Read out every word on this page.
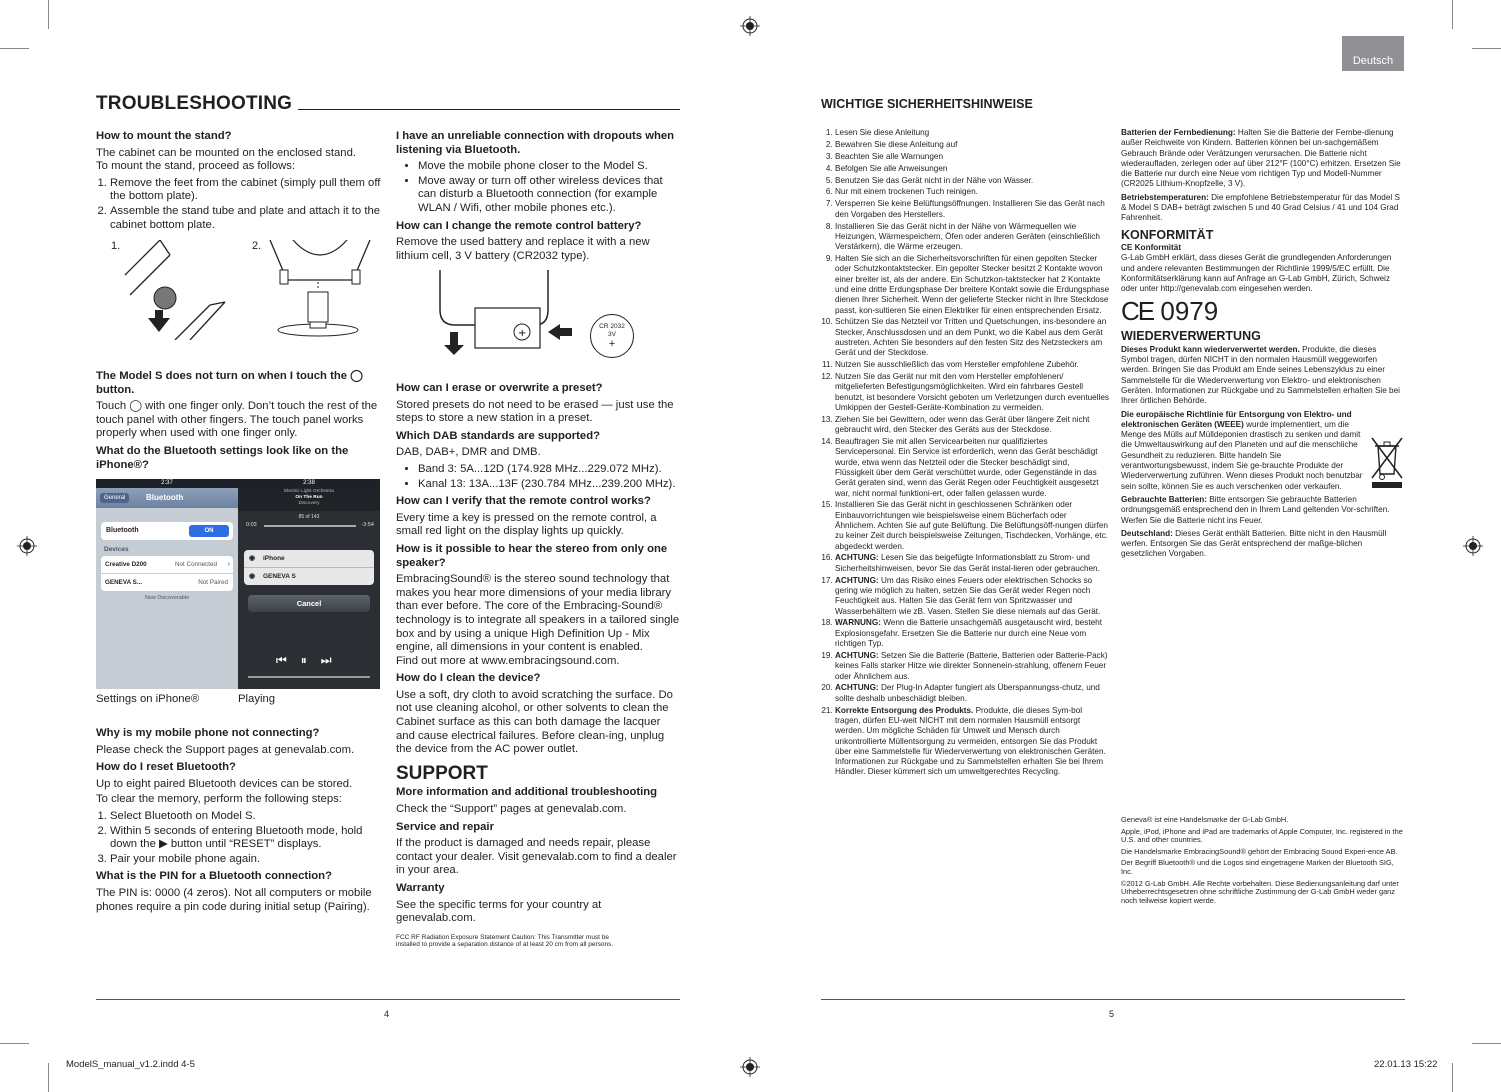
Deutsch
TROUBLESHOOTING

How to mount the stand?

The cabinet can be mounted on the enclosed stand.

To mount the stand, proceed as follows:

1. Remove the feet from the cabinet (simply pull them off the bottom plate).
2. Assemble the stand tube and plate and attach it to the cabinet bottom plate.
1.	2.

The Model S does not turn on when I touch the ◯ button.

Touch ◯ with one finger only. Don’t touch the rest of the touch panel with other fingers. The touch panel works properly when used with one finger only.

What do the Bluetooth settings look like on the iPhone®?

2:37
General	Bluetooth
Bluetooth	ON
Devices
Creative D200	Not Connected ›
GENEVA S...	Not Paired
Now Discoverable
2:38
Electric Light Orchestra
On The Run
Discovery
85 of 143
0:03	-3:54
◉ iPhone
◉ GENEVA S
Cancel
⏮⏸⏭
Settings on iPhone®	Playing

Why is my mobile phone not connecting?

Please check the Support pages at genevalab.com.

How do I reset Bluetooth?

Up to eight paired Bluetooth devices can be stored.

To clear the memory, perform the following steps:

1. Select Bluetooth on Model S.
2. Within 5 seconds of entering Bluetooth mode, hold down the ▶ button until “RESET” displays.
3. Pair your mobile phone again.

What is the PIN for a Bluetooth connection?

The PIN is: 0000 (4 zeros). Not all computers or mobile phones require a pin code during initial setup (Pairing).

I have an unreliable connection with dropouts when listening via Bluetooth.

• Move the mobile phone closer to the Model S.
• Move away or turn off other wireless devices that can disturb a Bluetooth connection (for example WLAN / Wifi, other mobile phones etc.).

How can I change the remote control battery?

Remove the used battery and replace it with a new lithium cell, 3 V battery (CR2032 type).

+
CR 2032
3V
+

How can I erase or overwrite a preset?

Stored presets do not need to be erased — just use the steps to store a new station in a preset.

Which DAB standards are supported?

DAB, DAB+, DMR and DMB.

• Band 3: 5A...12D (174.928 MHz...229.072 MHz).
• Kanal 13: 13A...13F (230.784 MHz...239.200 MHz).

How can I verify that the remote control works?

Every time a key is pressed on the remote control, a small red light on the display lights up quickly.

How is it possible to hear the stereo from only one speaker?

EmbracingSound® is the stereo sound technology that makes you hear more dimensions of your media library than ever before. The core of the Embracing-Sound® technology is to integrate all speakers in a tailored single box and by using a unique High Definition Up - Mix engine, all dimensions in your content is enabled.

Find out more at www.embracingsound.com.

How do I clean the device?

Use a soft, dry cloth to avoid scratching the surface. Do not use cleaning alcohol, or other solvents to clean the Cabinet surface as this can both damage the lacquer and cause electrical failures. Before clean-ing, unplug the device from the AC power outlet.

SUPPORT

More information and additional troubleshooting

Check the “Support” pages at genevalab.com.

Service and repair

If the product is damaged and needs repair, please contact your dealer. Visit genevalab.com to find a dealer in your area.

Warranty

See the specific terms for your country at genevalab.com.

FCC RF Radiation Exposure Statement Caution: This Transmitter must be installed to provide a separation distance of at least 20 cm from all persons.

4
WICHTIGE SICHERHEITSHINWEISE
1. Lesen Sie diese Anleitung
2. Bewahren Sie diese Anleitung auf
3. Beachten Sie alle Warnungen
4. Befolgen Sie alle Anweisungen
5. Benutzen Sie das Gerät nicht in der Nähe von Wasser.
6. Nur mit einem trockenen Tuch reinigen.
7. Versperren Sie keine Belüftungsöffnungen. Installieren Sie das Gerät nach den Vorgaben des Herstellers.
8. Installieren Sie das Gerät nicht in der Nähe von Wärmequellen wie Heizungen, Wärmespeichern, Öfen oder anderen Geräten (einschließlich Verstärkern), die Wärme erzeugen.
9. Halten Sie sich an die Sicherheitsvorschriften für einen gepolten Stecker oder Schutzkontaktstecker. Ein gepolter Stecker besitzt 2 Kontakte wovon einer breiter ist, als der andere. Ein Schutzkon-taktstecker hat 2 Kontakte und eine dritte Erdungsphase Der breitere Kontakt sowie die Erdungsphase dienen Ihrer Sicherheit. Wenn der gelieferte Stecker nicht in Ihre Steckdose passt, kon-sultieren Sie einen Elektriker für einen entsprechenden Ersatz.
10. Schützen Sie das Netzteil vor Tritten und Quetschungen, ins-besondere an Stecker, Anschlussdosen und an dem Punkt, wo die Kabel aus dem Gerät austreten. Achten Sie besonders auf den festen Sitz des Netzsteckers am Gerät und der Steckdose.
11. Nutzen Sie ausschließlich das vom Hersteller empfohlene Zubehör.
12. Nutzen Sie das Gerät nur mit den vom Hersteller empfohlenen/ mitgelieferten Befestigungsmöglichkeiten. Wird ein fahrbares Gestell benutzt, ist besondere Vorsicht geboten um Verletzungen durch eventuelles Umkippen der Gestell-Geräte-Kombination zu vermeiden.
13. Ziehen Sie bei Gewittern, oder wenn das Gerät über längere Zeit nicht gebraucht wird, den Stecker des Geräts aus der Steckdose.
14. Beauftragen Sie mit allen Servicearbeiten nur qualifiziertes Servicepersonal. Ein Service ist erforderlich, wenn das Gerät beschädigt wurde, etwa wenn das Netzteil oder die Stecker beschädigt sind, Flüssigkeit über dem Gerät verschüttet wurde, oder Gegenstände in das Gerät geraten sind, wenn das Gerät Regen oder Feuchtigkeit ausgesetzt war, nicht normal funktioni-ert, oder fallen gelassen wurde.
15. Installieren Sie das Gerät nicht in geschlossenen Schränken oder Einbauvorrichtungen wie beispielsweise einem Bücherfach oder Ähnlichem. Achten Sie auf gute Belüftung. Die Belüftungsöff-nungen dürfen zu keiner Zeit durch beispielsweise Zeitungen, Tischdecken, Vorhänge, etc. abgedeckt werden.
16. ACHTUNG: Lesen Sie das beigefügte Informationsblatt zu Strom- und Sicherheitshinweisen, bevor Sie das Gerät instal-lieren oder gebrauchen.
17. ACHTUNG: Um das Risiko eines Feuers oder elektrischen Schocks so gering wie möglich zu halten, setzen Sie das Gerät weder Regen noch Feuchtigkeit aus. Halten Sie das Gerät fern von Spritzwasser und Wasserbehältern wie zB. Vasen. Stellen Sie diese niemals auf das Gerät.
18. WARNUNG: Wenn die Batterie unsachgemäß ausgetauscht wird, besteht Explosionsgefahr. Ersetzen Sie die Batterie nur durch eine Neue vom richtigen Typ.
19. ACHTUNG: Setzen Sie die Batterie (Batterie, Batterien oder Batterie-Pack) keines Falls starker Hitze wie direkter Sonnenein-strahlung, offenem Feuer oder Ähnlichem aus.
20. ACHTUNG: Der Plug-In Adapter fungiert als Überspannungss-chutz, und sollte deshalb unbeschädigt bleiben.
21. Korrekte Entsorgung des Produkts. Produkte, die dieses Sym-bol tragen, dürfen EU-weit NICHT mit dem normalen Hausmüll entsorgt werden. Um mögliche Schäden für Umwelt und Mensch durch unkontrollierte Müllentsorgung zu vermeiden, entsorgen Sie das Produkt über eine Sammelstelle für Wiederverwertung von elektronischen Geräten. Informationen zur Rückgabe und zu Sammelstellen erhalten Sie bei Ihrem Händler. Dieser kümmert sich um umweltgerechtes Recycling.

Batterien der Fernbedienung: Halten Sie die Batterie der Fernbe-dienung außer Reichweite von Kindern. Batterien können bei un-sachgemäßem Gebrauch Brände oder Verätzungen verursachen. Die Batterie nicht wiederaufladen, zerlegen oder auf über 212°F (100°C) erhitzen. Ersetzen Sie die Batterie nur durch eine Neue vom richtigen Typ und Modell-Nummer (CR2025 Lithium-Knopfzelle, 3 V).

Betriebstemperaturen: Die empfohlene Betriebstemperatur für das Model S & Model S DAB+ beträgt zwischen 5 und 40 Grad Celsius / 41 und 104 Grad Fahrenheit.

KONFORMITÄT

CE Konformität

G-Lab GmbH erklärt, dass dieses Gerät die grundlegenden Anforderungen und andere relevanten Bestimmungen der Richtlinie 1999/5/EC erfüllt. Die Konformitätserklärung kann auf Anfrage an G-Lab GmbH, Zürich, Schweiz oder unter http://genevalab.com eingesehen werden.

CE 0979
WIEDERVERWERTUNG

Dieses Produkt kann wiederverwertet werden. Produkte, die dieses Symbol tragen, dürfen NICHT in den normalen Hausmüll weggeworfen werden. Bringen Sie das Produkt am Ende seines Lebenszyklus zu einer Sammelstelle für die Wiederverwertung von Elektro- und elektronischen Geräten. Informationen zur Rückgabe und zu Sammelstellen erhalten Sie bei Ihrer örtlichen Behörde.

Die europäische Richtlinie für Entsorgung von Elektro- und elektronischen Geräten (WEEE) wurde implementiert, um die Menge des Mülls auf Mülldeponien drastisch zu senken und damit die Umweltauswirkung auf den Planeten und auf die menschliche Gesundheit zu reduzieren. Bitte handeln Sie verantwortungsbewusst, indem Sie ge-brauchte Produkte der Wiederverwertung zuführen. Wenn dieses Produkt noch benutzbar sein sollte, können Sie es auch verschenken oder verkaufen.

Gebrauchte Batterien: Bitte entsorgen Sie gebrauchte Batterien ordnungsgemäß entsprechend den in Ihrem Land geltenden Vor-schriften. Werfen Sie die Batterie nicht ins Feuer.

Deutschland: Dieses Gerät enthält Batterien. Bitte nicht in den Hausmüll werfen. Entsorgen Sie das Gerät entsprechend der maßge-blichen gesetzlichen Vorgaben.

Geneva® ist eine Handelsmarke der G-Lab GmbH.

Apple, iPod, iPhone and iPad are trademarks of Apple Computer, Inc. registered in the U.S. and other countries.

Die Handelsmarke EmbracingSound® gehört der Embracing Sound Experi-ence AB.

Der Begriff Bluetooth® und die Logos sind eingetragene Marken der Bluetooth SIG, Inc.

©2012 G-Lab GmbH. Alle Rechte vorbehalten. Diese Bedienungsanleitung darf unter Urheberrechtsgesetzen ohne schriftliche Zustimmung der G-Lab GmbH weder ganz noch teilweise kopiert werde.

5
ModelS_manual_v1.2.indd 4-5	22.01.13 15:22
